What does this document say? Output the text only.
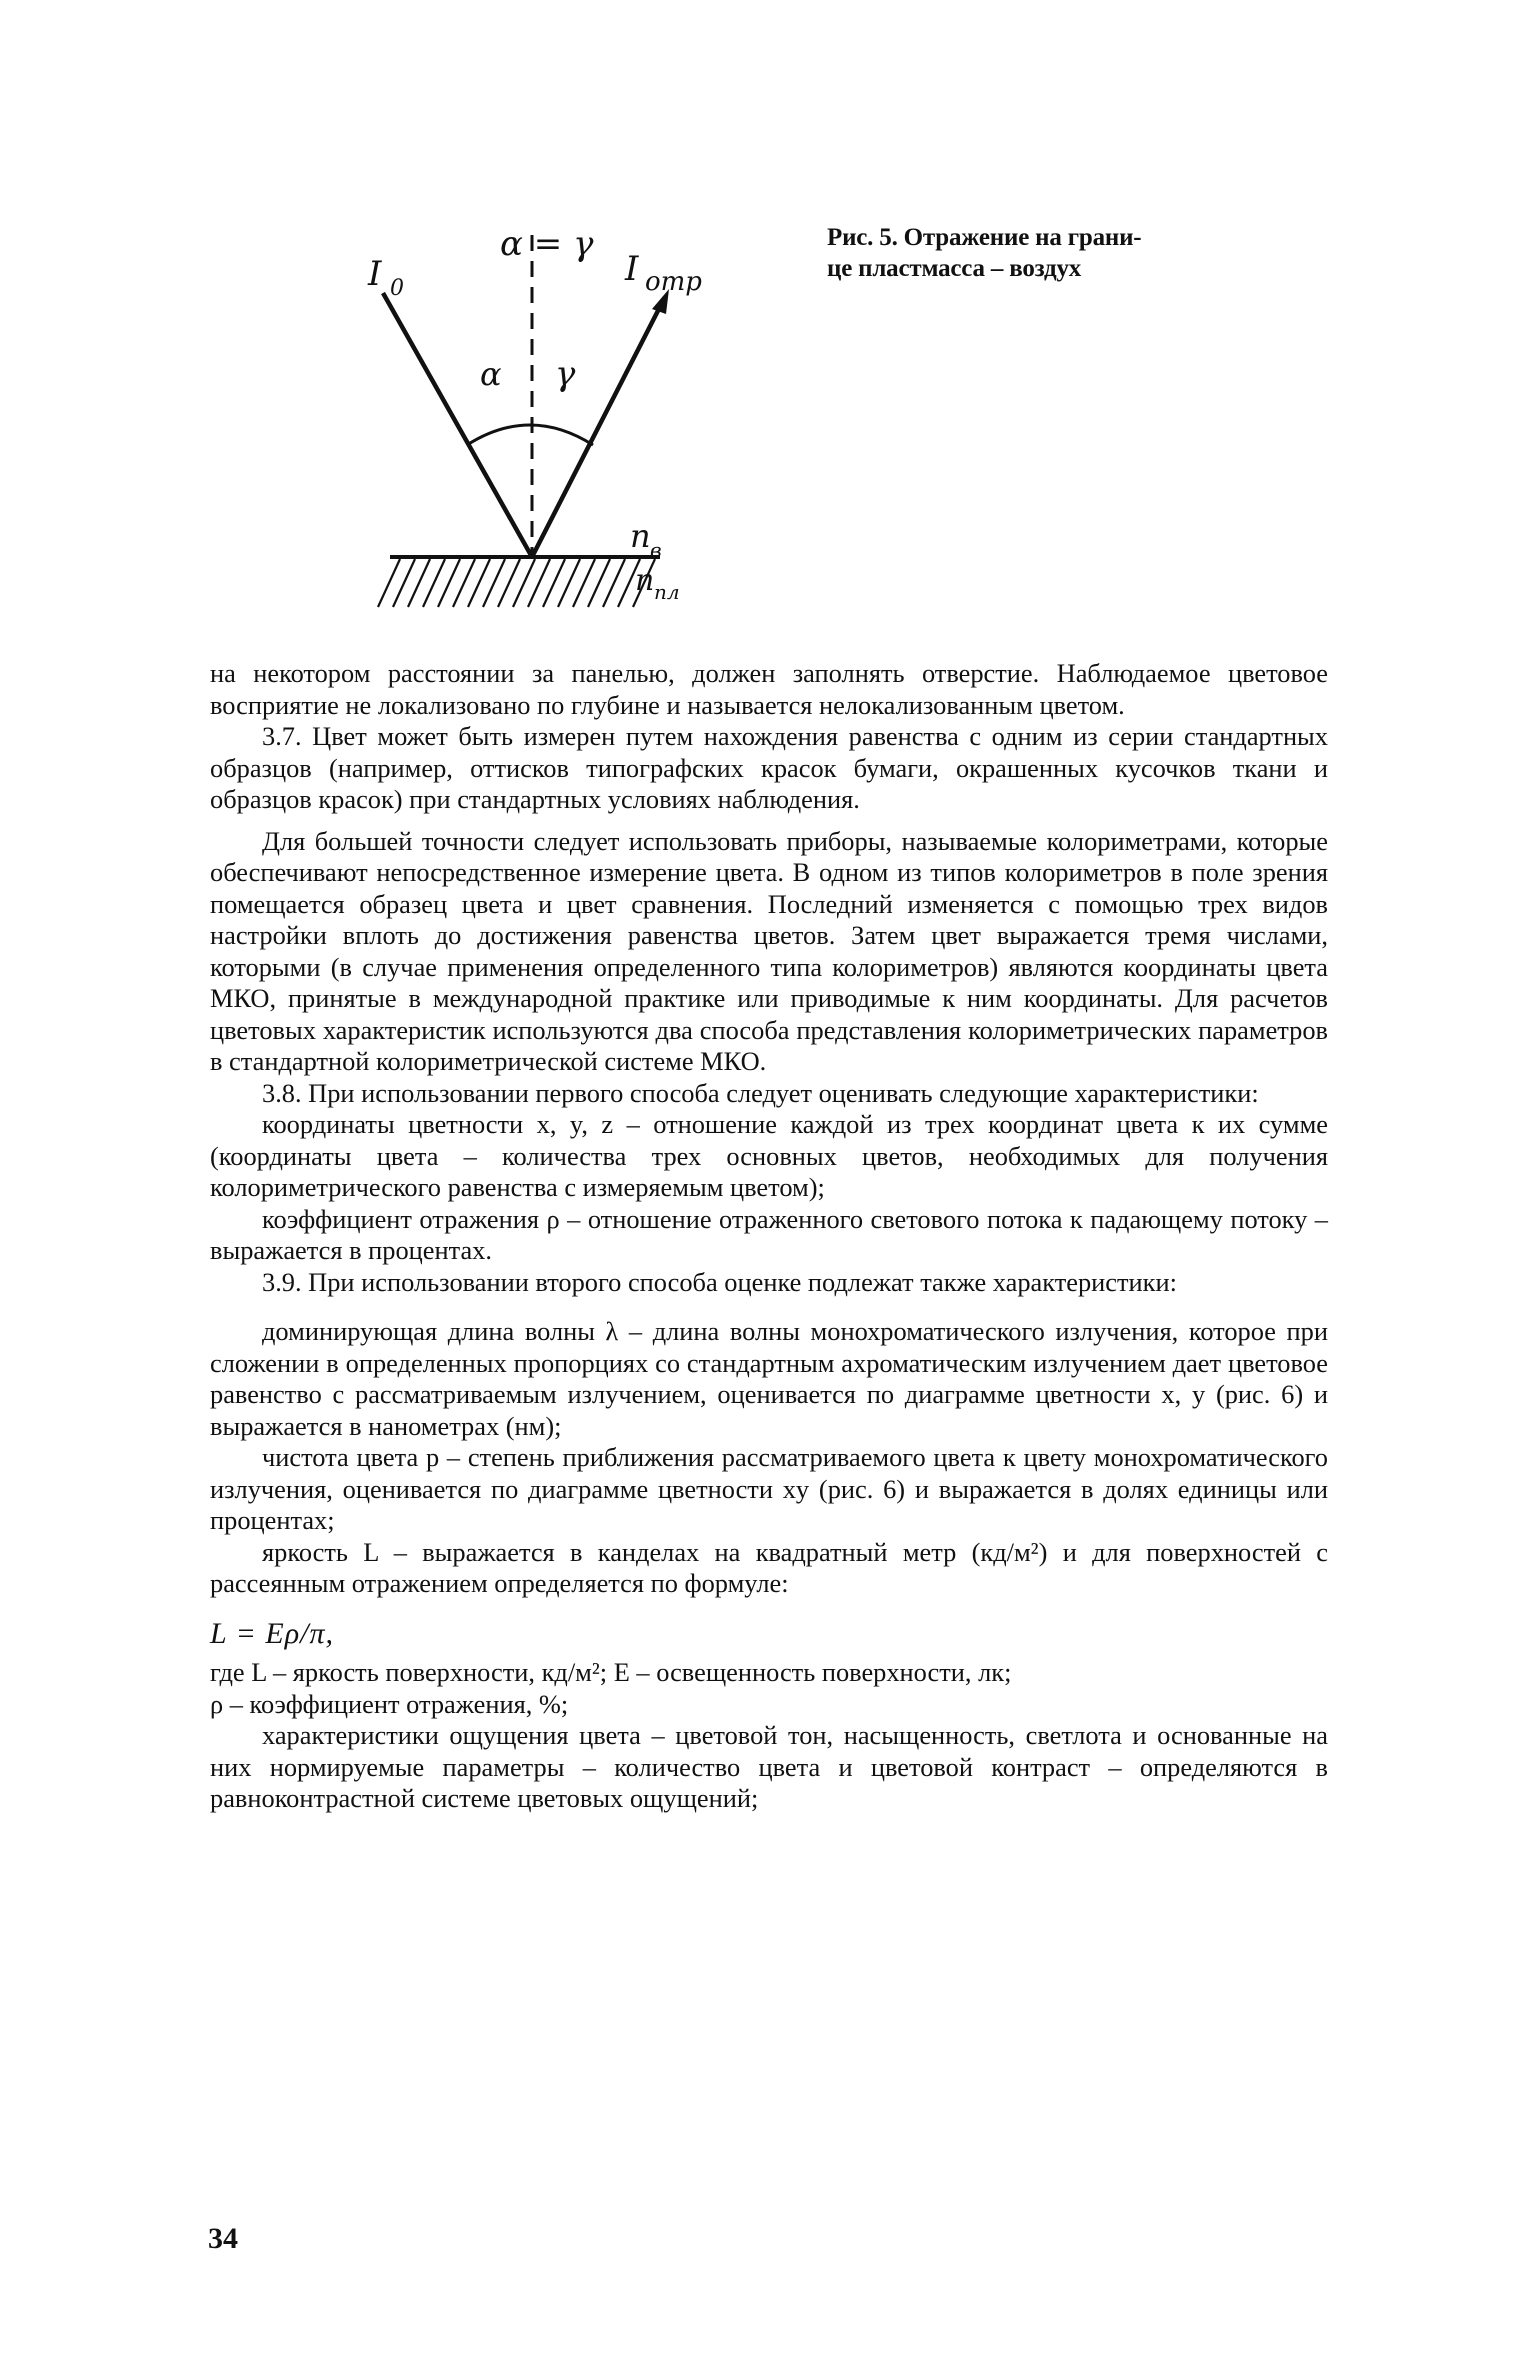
I 0
α = γ
I отр
α γ
n в
n пл
Рис. 5. Отражение на грани-
це пластмасса – воздух

на некотором расстоянии за панелью, должен заполнять отверстие. Наблюдаемое цветовое восприятие не локализовано по глубине и называется нелокализованным цветом.

3.7. Цвет может быть измерен путем нахождения равенства с одним из серии стандартных образцов (например, оттисков типографских красок бумаги, окрашенных кусочков ткани и образцов красок) при стандартных условиях наблюдения.

Для большей точности следует использовать приборы, называемые колориметрами, которые обеспечивают непосредственное измерение цвета. В одном из типов колориметров в поле зрения помещается образец цвета и цвет сравнения. Последний изменяется с помощью трех видов настройки вплоть до достижения равенства цветов. Затем цвет выражается тремя числами, которыми (в случае применения определенного типа колориметров) являются координаты цвета МКО, принятые в международной практике или приводимые к ним координаты. Для расчетов цветовых характеристик используются два способа представления колориметрических параметров в стандартной колориметрической системе МКО.

3.8. При использовании первого способа следует оценивать следующие характеристики:

координаты цветности x, y, z – отношение каждой из трех координат цвета к их сумме (координаты цвета – количества трех основных цветов, необходимых для получения колориметрического равенства с измеряемым цветом);

коэффициент отражения ρ – отношение отраженного светового потока к падающему потоку – выражается в процентах.

3.9. При использовании второго способа оценке подлежат также характеристики:

доминирующая длина волны λ – длина волны монохроматического излучения, которое при сложении в определенных пропорциях со стандартным ахроматическим излучением дает цветовое равенство с рассматриваемым излучением, оценивается по диаграмме цветности x, y (рис. 6) и выражается в нанометрах (нм);

чистота цвета p – степень приближения рассматриваемого цвета к цвету монохроматического излучения, оценивается по диаграмме цветности xy (рис. 6) и выражается в долях единицы или процентах;

яркость L – выражается в канделах на квадратный метр (кд/м²) и для поверхностей с рассеянным отражением определяется по формуле:

L = Eρ/π,

где L – яркость поверхности, кд/м²; E – освещенность поверхности, лк;

ρ – коэффициент отражения, %;

характеристики ощущения цвета – цветовой тон, насыщенность, светлота и основанные на них нормируемые параметры – количество цвета и цветовой контраст – определяются в равноконтрастной системе цветовых ощущений;

34
